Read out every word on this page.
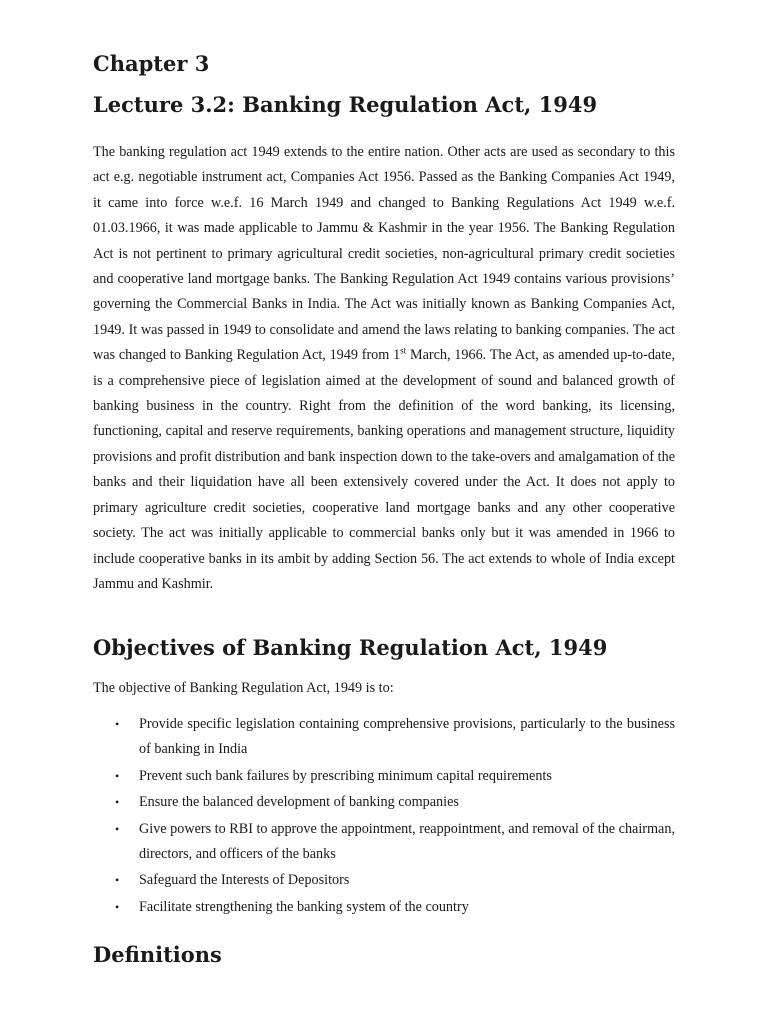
Chapter 3
Lecture 3.2: Banking Regulation Act, 1949

The banking regulation act 1949 extends to the entire nation. Other acts are used as secondary to this act e.g. negotiable instrument act, Companies Act 1956. Passed as the Banking Companies Act 1949, it came into force w.e.f. 16 March 1949 and changed to Banking Regulations Act 1949 w.e.f. 01.03.1966, it was made applicable to Jammu & Kashmir in the year 1956. The Banking Regulation Act is not pertinent to primary agricultural credit societies, non-agricultural primary credit societies and cooperative land mortgage banks. The Banking Regulation Act 1949 contains various provisions’ governing the Commercial Banks in India. The Act was initially known as Banking Companies Act, 1949. It was passed in 1949 to consolidate and amend the laws relating to banking companies. The act was changed to Banking Regulation Act, 1949 from 1st March, 1966. The Act, as amended up-to-date, is a comprehensive piece of legislation aimed at the development of sound and balanced growth of banking business in the country. Right from the definition of the word banking, its licensing, functioning, capital and reserve requirements, banking operations and management structure, liquidity provisions and profit distribution and bank inspection down to the take-overs and amalgamation of the banks and their liquidation have all been extensively covered under the Act. It does not apply to primary agriculture credit societies, cooperative land mortgage banks and any other cooperative society. The act was initially applicable to commercial banks only but it was amended in 1966 to include cooperative banks in its ambit by adding Section 56. The act extends to whole of India except Jammu and Kashmir.

Objectives of Banking Regulation Act, 1949

The objective of Banking Regulation Act, 1949 is to:

• Provide specific legislation containing comprehensive provisions, particularly to the business of banking in India
• Prevent such bank failures by prescribing minimum capital requirements
• Ensure the balanced development of banking companies
• Give powers to RBI to approve the appointment, reappointment, and removal of the chairman, directors, and officers of the banks
• Safeguard the Interests of Depositors
• Facilitate strengthening the banking system of the country
Definitions
